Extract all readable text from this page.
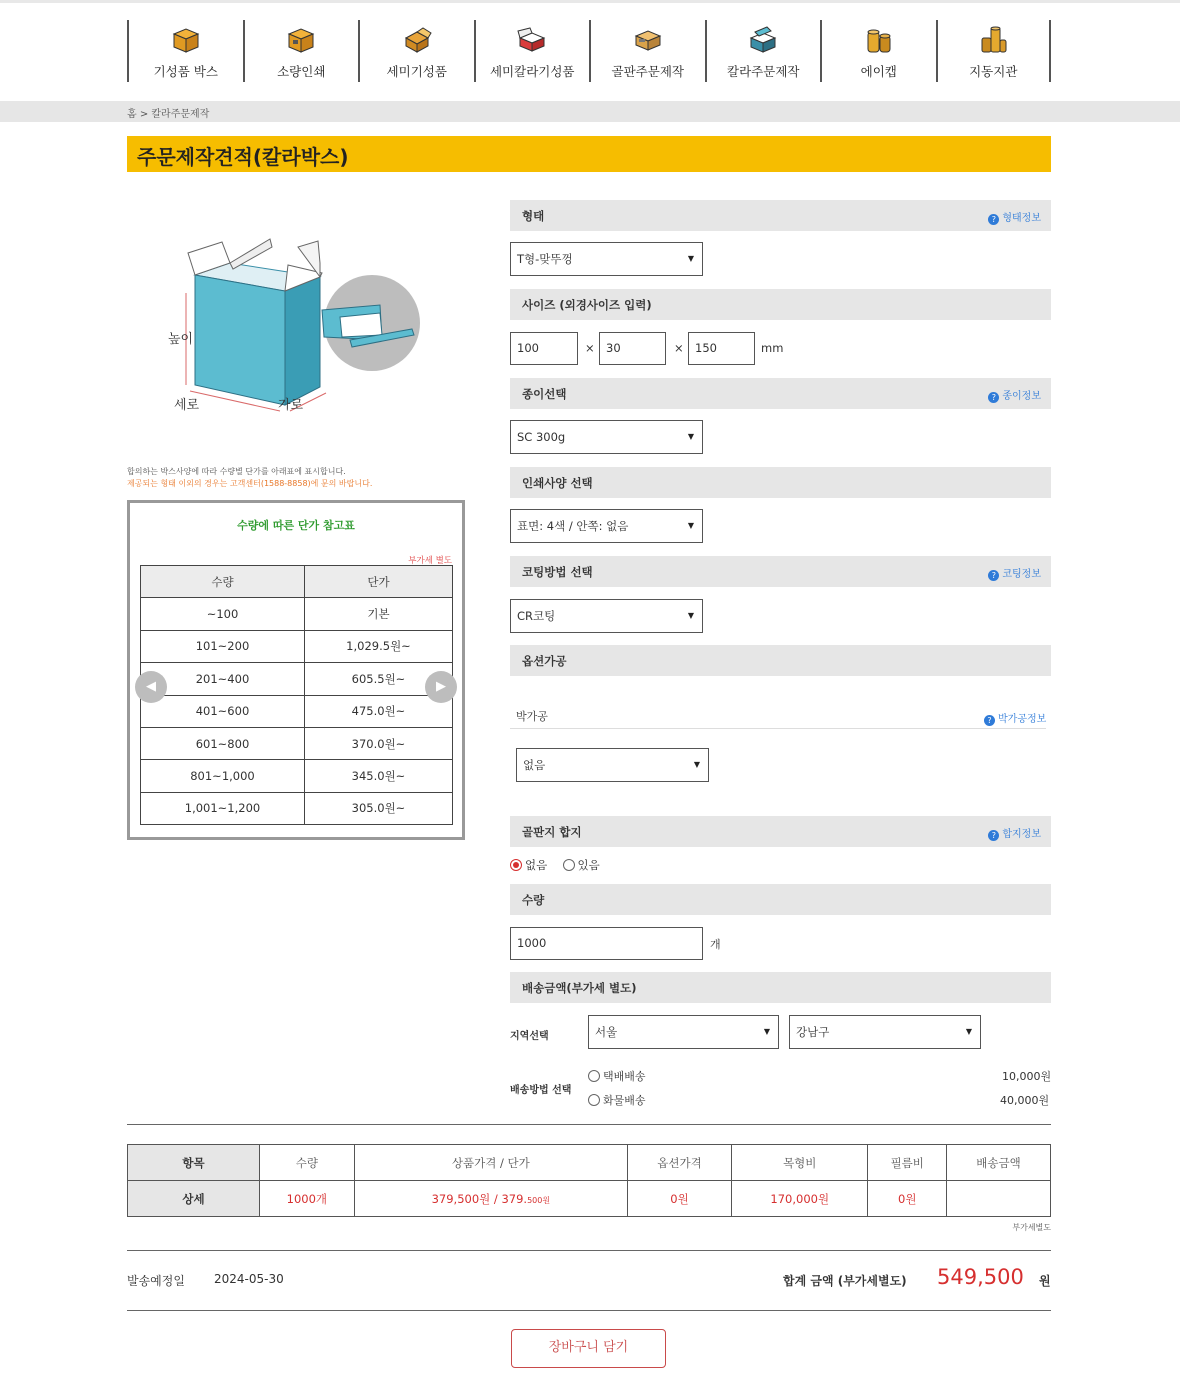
기성품 박스	소량인쇄	세미기성품	세미칼라기성품	골판주문제작	칼라주문제작	에이캡	지동지관
홈 > 칼라주문제작
주문제작견적(칼라박스)
높이
세로	가로
합의하는 박스사양에 따라 수량별 단가를 아래표에 표시합니다.
제공되는 형태 이외의 경우는 고객센터(1588-8858)에 문의 바랍니다.
수량에 따른 단가 참고표
부가세 별도
수량	단가
~100	기본
101~200	1,029.5원~
201~400	605.5원~
401~600	475.0원~
601~800	370.0원~
801~1,000	345.0원~
1,001~1,200	305.0원~
◀	▶
형태	? 형태정보
T형-맞뚜껑	▼
사이즈 (외경사이즈 입력)
100	× 30	× 150	mm
종이선택	? 종이정보
SC 300g	▼
인쇄사양 선택
표면: 4색 / 안쪽: 없음	▼
코팅방법 선택	? 코팅정보
CR코팅	▼
옵션가공
박가공	? 박가공정보
없음	▼
골판지 합지	? 합지정보
없음	있음
수량
1000	개
배송금액(부가세 별도)
지역선택	서울	▼	강남구	▼
배송방법 선택
택배배송	10,000원
화물배송	40,000원
항목	수량	상품가격 / 단가	옵션가격	목형비	필름비	배송금액
상세	1000개	379,500원 / 379.500원	0원	170,000원	0원	
부가세별도
발송예정일 2024-05-30	합계 금액 (부가세별도) 549,500 원
장바구니 담기
